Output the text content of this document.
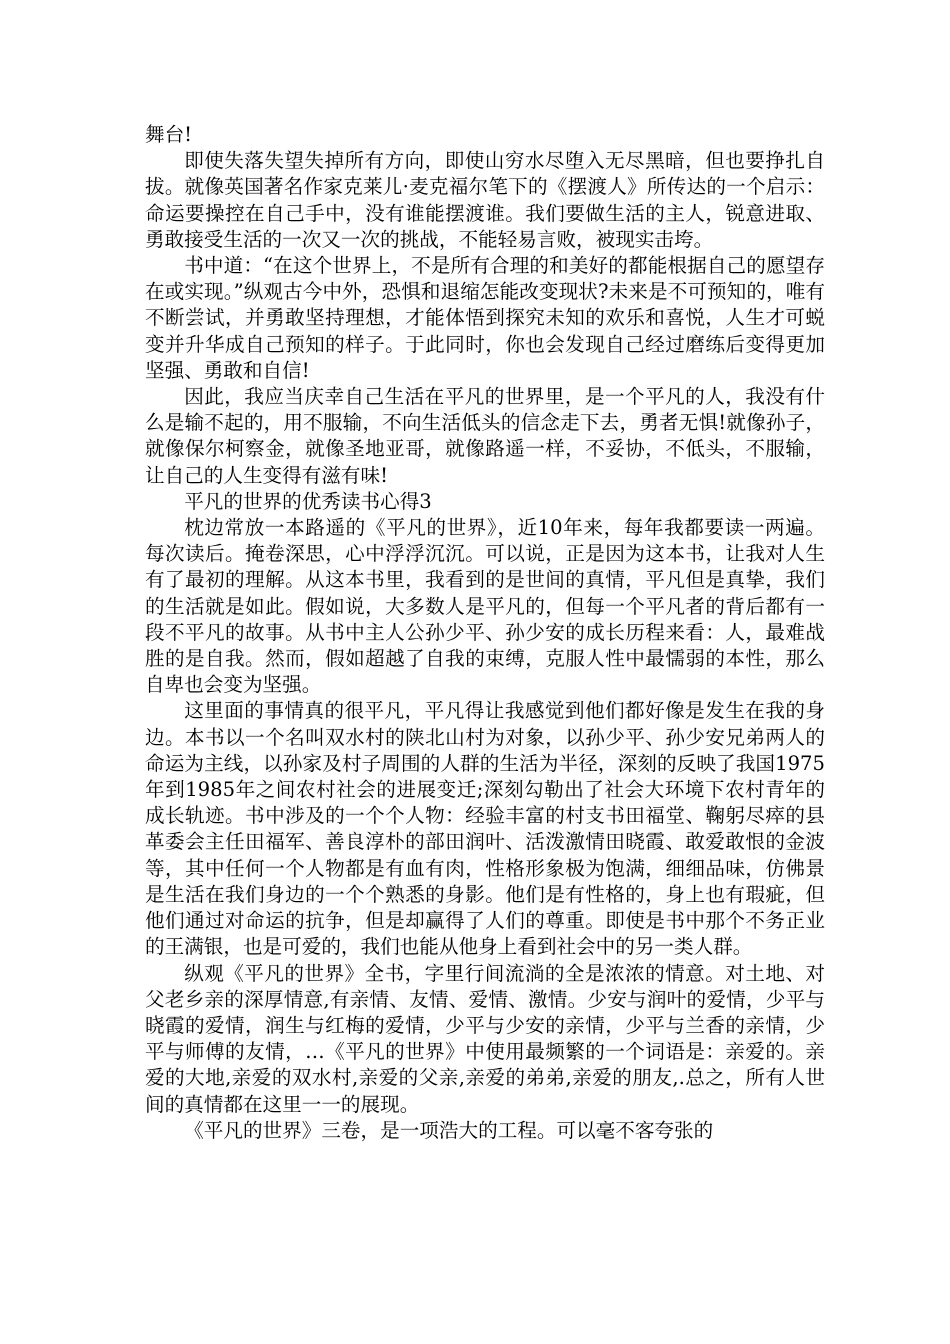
舞台!

即使失落失望失掉所有方向，即使山穷水尽堕入无尽黑暗，但也要挣扎自拔。就像英国著名作家克莱儿·麦克福尔笔下的《摆渡人》所传达的一个启示：命运要操控在自己手中，没有谁能摆渡谁。我们要做生活的主人，锐意进取、勇敢接受生活的一次又一次的挑战，不能轻易言败，被现实击垮。

书中道：“在这个世界上，不是所有合理的和美好的都能根据自己的愿望存在或实现。”纵观古今中外，恐惧和退缩怎能改变现状?未来是不可预知的，唯有不断尝试，并勇敢坚持理想，才能体悟到探究未知的欢乐和喜悦，人生才可蜕变并升华成自己预知的样子。于此同时，你也会发现自己经过磨练后变得更加坚强、勇敢和自信!

因此，我应当庆幸自己生活在平凡的世界里，是一个平凡的人，我没有什么是输不起的，用不服输，不向生活低头的信念走下去，勇者无惧!就像孙子，就像保尔柯察金，就像圣地亚哥，就像路遥一样，不妥协，不低头，不服输，让自己的人生变得有滋有味!

平凡的世界的优秀读书心得3

枕边常放一本路遥的《平凡的世界》，近10年来，每年我都要读一两遍。每次读后。掩卷深思，心中浮浮沉沉。可以说，正是因为这本书，让我对人生有了最初的理解。从这本书里，我看到的是世间的真情，平凡但是真挚，我们的生活就是如此。假如说，大多数人是平凡的，但每一个平凡者的背后都有一段不平凡的故事。从书中主人公孙少平、孙少安的成长历程来看：人，最难战胜的是自我。然而，假如超越了自我的束缚，克服人性中最懦弱的本性，那么自卑也会变为坚强。

这里面的事情真的很平凡，平凡得让我感觉到他们都好像是发生在我的身边。本书以一个名叫双水村的陕北山村为对象，以孙少平、孙少安兄弟两人的命运为主线，以孙家及村子周围的人群的生活为半径，深刻的反映了我国1975年到1985年之间农村社会的进展变迁;深刻勾勒出了社会大环境下农村青年的成长轨迹。书中涉及的一个个人物：经验丰富的村支书田福堂、鞠躬尽瘁的县革委会主任田福军、善良淳朴的部田润叶、活泼激情田晓霞、敢爱敢恨的金波等，其中任何一个人物都是有血有肉，性格形象极为饱满，细细品味，仿佛景是生活在我们身边的一个个熟悉的身影。他们是有性格的，身上也有瑕疵，但他们通过对命运的抗争，但是却赢得了人们的尊重。即使是书中那个不务正业的王满银，也是可爱的，我们也能从他身上看到社会中的另一类人群。

纵观《平凡的世界》全书，字里行间流淌的全是浓浓的情意。对土地、对父老乡亲的深厚情意,有亲情、友情、爱情、激情。少安与润叶的爱情，少平与晓霞的爱情，润生与红梅的爱情，少平与少安的亲情，少平与兰香的亲情，少平与师傅的友情，…《平凡的世界》中使用最频繁的一个词语是：亲爱的。亲爱的大地,亲爱的双水村,亲爱的父亲,亲爱的弟弟,亲爱的朋友,.总之，所有人世间的真情都在这里一一的展现。

《平凡的世界》三卷，是一项浩大的工程。可以毫不客夸张的
